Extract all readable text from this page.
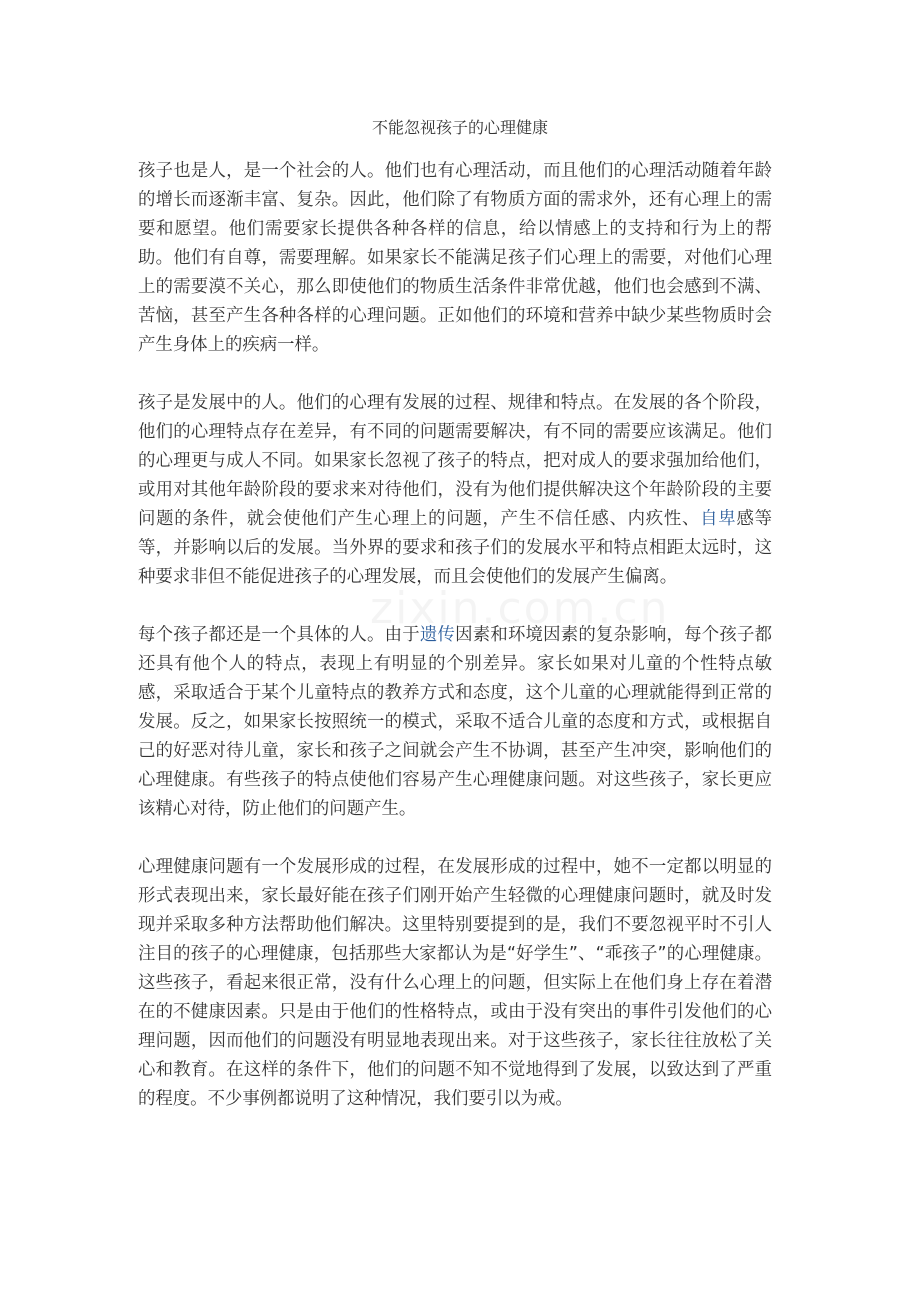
不能忽视孩子的心理健康

孩子也是人，是一个社会的人。他们也有心理活动，而且他们的心理活动随着年龄的增长而逐渐丰富、复杂。因此，他们除了有物质方面的需求外，还有心理上的需要和愿望。他们需要家长提供各种各样的信息，给以情感上的支持和行为上的帮助。他们有自尊，需要理解。如果家长不能满足孩子们心理上的需要，对他们心理上的需要漠不关心，那么即使他们的物质生活条件非常优越，他们也会感到不满、苦恼，甚至产生各种各样的心理问题。正如他们的环境和营养中缺少某些物质时会产生身体上的疾病一样。

孩子是发展中的人。他们的心理有发展的过程、规律和特点。在发展的各个阶段，他们的心理特点存在差异，有不同的问题需要解决，有不同的需要应该满足。他们的心理更与成人不同。如果家长忽视了孩子的特点，把对成人的要求强加给他们，或用对其他年龄阶段的要求来对待他们，没有为他们提供解决这个年龄阶段的主要问题的条件，就会使他们产生心理上的问题，产生不信任感、内疚性、自卑感等等，并影响以后的发展。当外界的要求和孩子们的发展水平和特点相距太远时，这种要求非但不能促进孩子的心理发展，而且会使他们的发展产生偏离。

每个孩子都还是一个具体的人。由于遗传因素和环境因素的复杂影响，每个孩子都还具有他个人的特点，表现上有明显的个别差异。家长如果对儿童的个性特点敏感，采取适合于某个儿童特点的教养方式和态度，这个儿童的心理就能得到正常的发展。反之，如果家长按照统一的模式，采取不适合儿童的态度和方式，或根据自己的好恶对待儿童，家长和孩子之间就会产生不协调，甚至产生冲突，影响他们的心理健康。有些孩子的特点使他们容易产生心理健康问题。对这些孩子，家长更应该精心对待，防止他们的问题产生。

心理健康问题有一个发展形成的过程，在发展形成的过程中，她不一定都以明显的形式表现出来，家长最好能在孩子们刚开始产生轻微的心理健康问题时，就及时发现并采取多种方法帮助他们解决。这里特别要提到的是，我们不要忽视平时不引人注目的孩子的心理健康，包括那些大家都认为是“好学生”、“乖孩子”的心理健康。这些孩子，看起来很正常，没有什么心理上的问题，但实际上在他们身上存在着潜在的不健康因素。只是由于他们的性格特点，或由于没有突出的事件引发他们的心理问题，因而他们的问题没有明显地表现出来。对于这些孩子，家长往往放松了关心和教育。在这样的条件下，他们的问题不知不觉地得到了发展，以致达到了严重的程度。不少事例都说明了这种情况，我们要引以为戒。
